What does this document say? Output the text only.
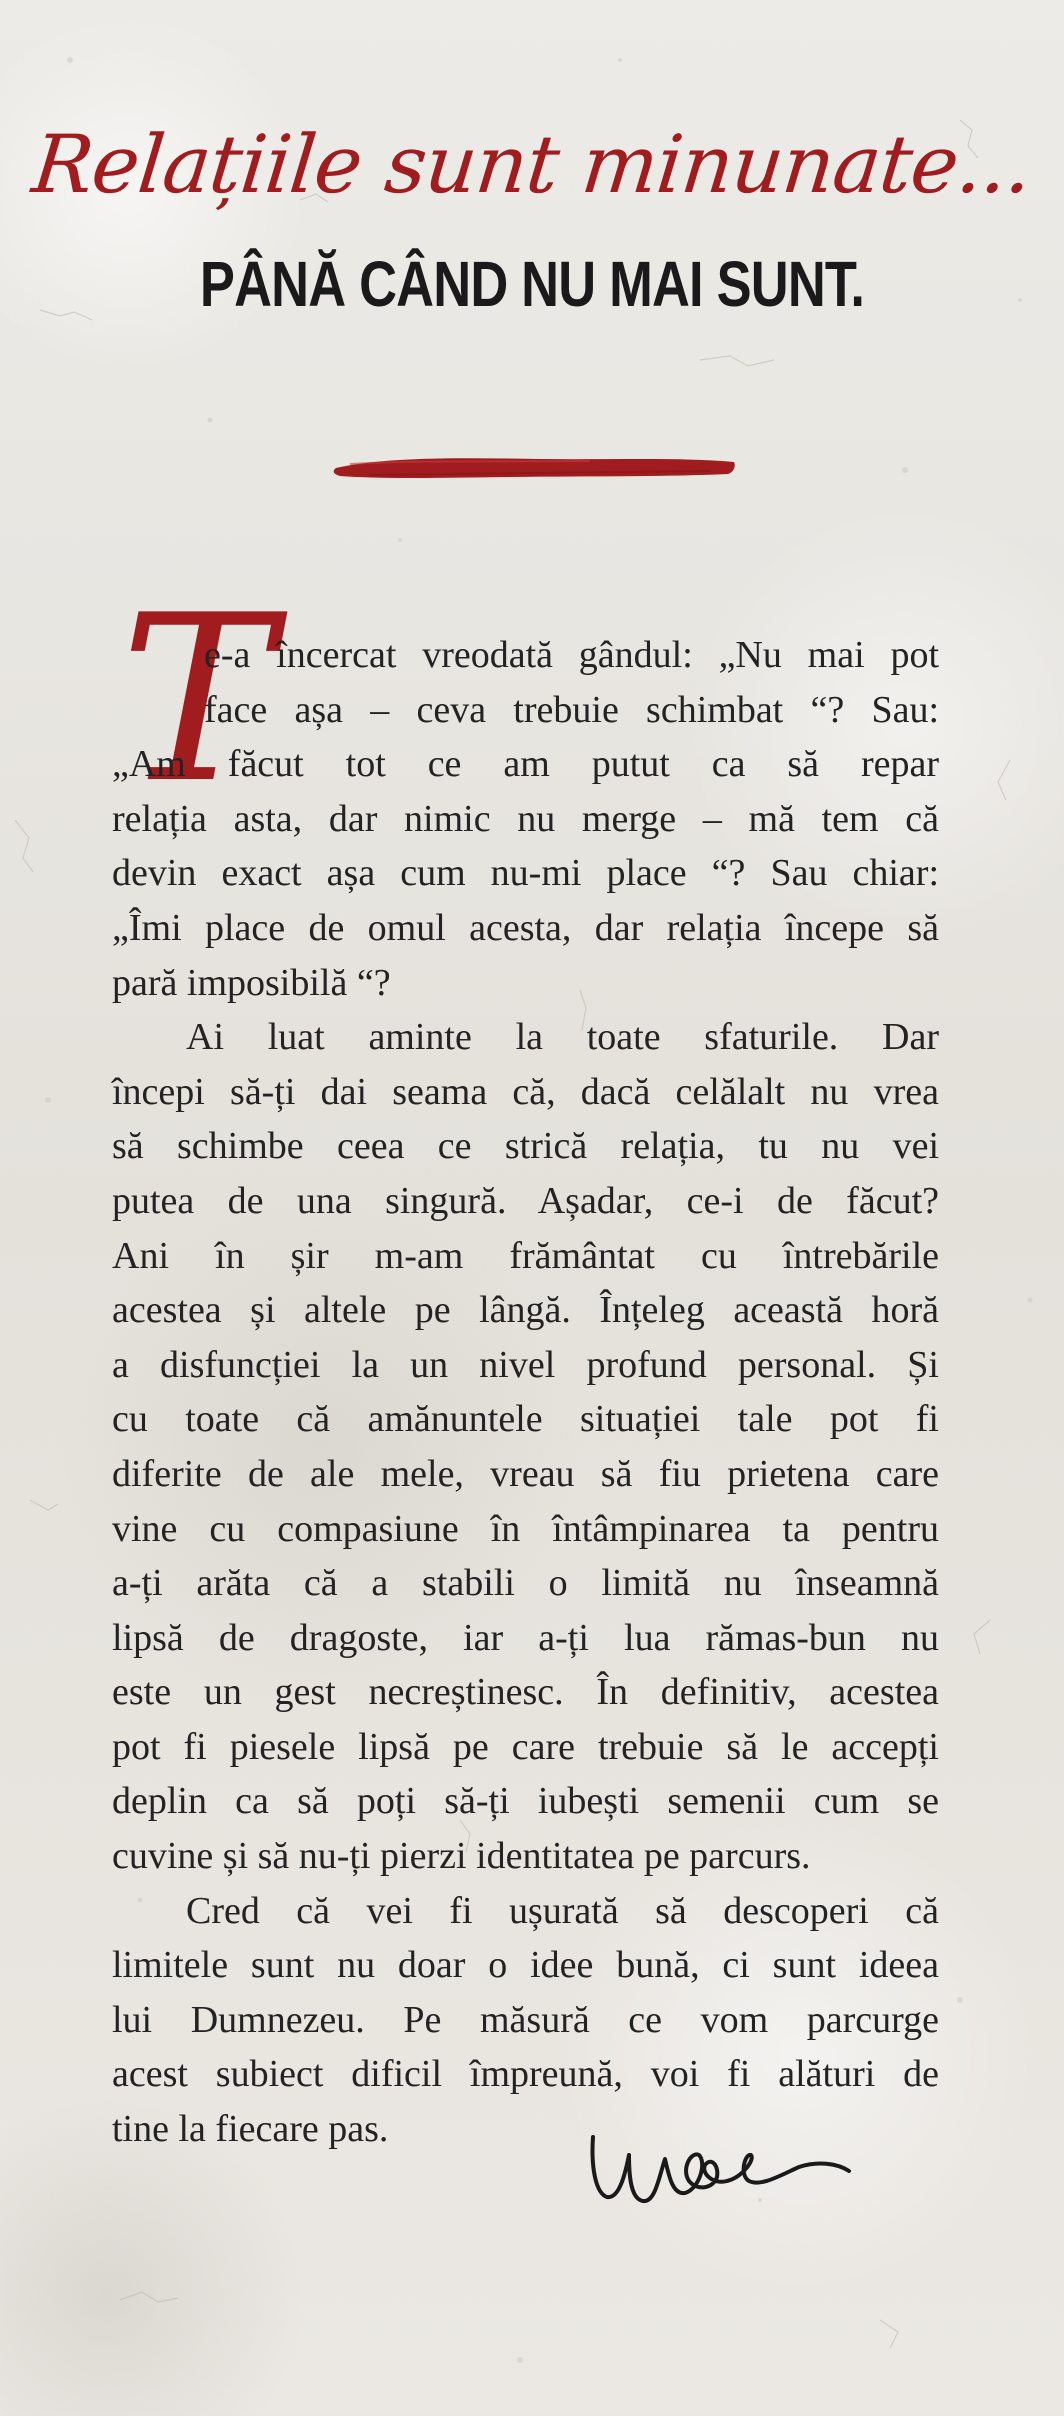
Relațiile sunt minunate...
PÂNĂ CÂND NU MAI SUNT.
T
e-a încercat vreodată gândul: „Nu mai pot
face așa – ceva trebuie schimbat “? Sau:
„Am făcut tot ce am putut ca să repar
relația asta, dar nimic nu merge – mă tem că
devin exact așa cum nu-mi place “? Sau chiar:
„Îmi place de omul acesta, dar relația începe să
pară imposibilă “?
Ai luat aminte la toate sfaturile. Dar
începi să-ți dai seama că, dacă celălalt nu vrea
să schimbe ceea ce strică relația, tu nu vei
putea de una singură. Așadar, ce-i de făcut?
Ani în șir m-am frământat cu întrebările
acestea și altele pe lângă. Înțeleg această horă
a disfuncției la un nivel profund personal. Și
cu toate că amănuntele situației tale pot fi
diferite de ale mele, vreau să fiu prietena care
vine cu compasiune în întâmpinarea ta pentru
a-ți arăta că a stabili o limită nu înseamnă
lipsă de dragoste, iar a-ți lua rămas-bun nu
este un gest necreștinesc. În definitiv, acestea
pot fi piesele lipsă pe care trebuie să le accepți
deplin ca să poți să-ți iubești semenii cum se
cuvine și să nu-ți pierzi identitatea pe parcurs.
Cred că vei fi ușurată să descoperi că
limitele sunt nu doar o idee bună, ci sunt ideea
lui Dumnezeu. Pe măsură ce vom parcurge
acest subiect dificil împreună, voi fi alături de
tine la fiecare pas.
